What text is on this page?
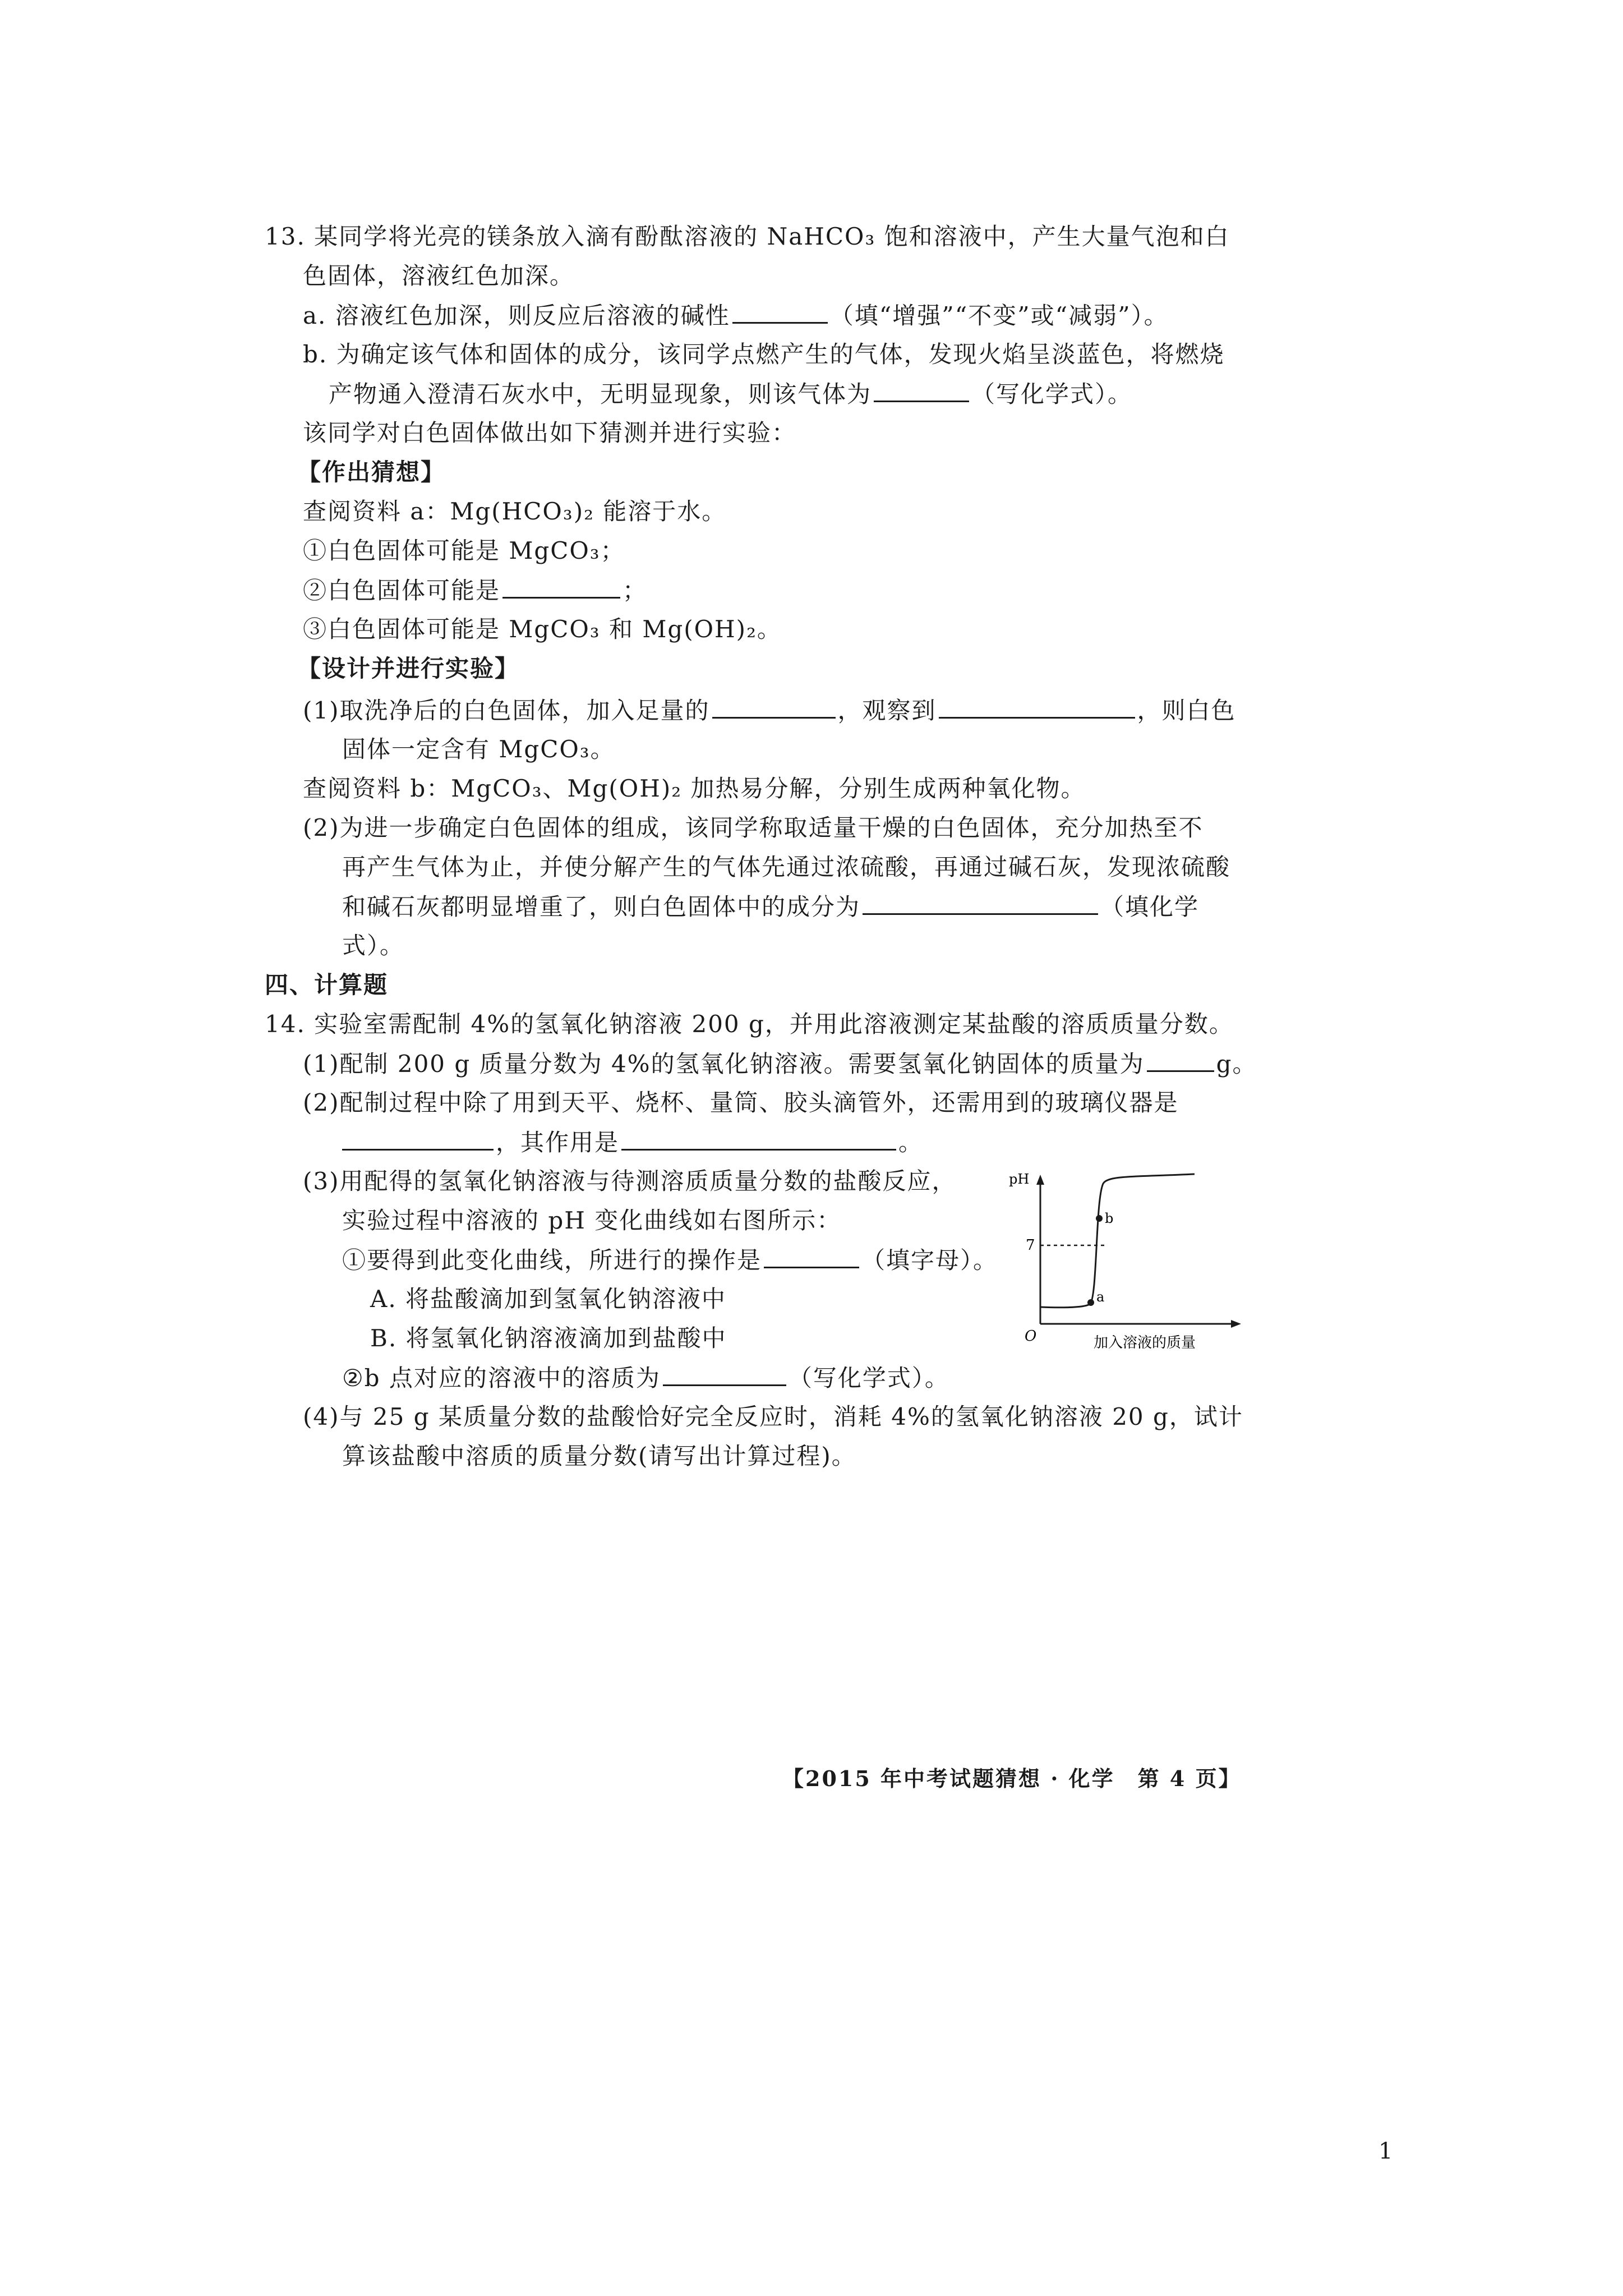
13. 某同学将光亮的镁条放入滴有酚酞溶液的 NaHCO₃ 饱和溶液中，产生大量气泡和白
色固体，溶液红色加深。
a. 溶液红色加深，则反应后溶液的碱性	（填“增强”“不变”或“减弱”）。
b. 为确定该气体和固体的成分，该同学点燃产生的气体，发现火焰呈淡蓝色，将燃烧
产物通入澄清石灰水中，无明显现象，则该气体为	（写化学式）。
该同学对白色固体做出如下猜测并进行实验：
【作出猜想】
查阅资料 a：Mg(HCO₃)₂ 能溶于水。
①白色固体可能是 MgCO₃；
②白色固体可能是	；
③白色固体可能是 MgCO₃ 和 Mg(OH)₂。
【设计并进行实验】
(1)取洗净后的白色固体，加入足量的	，观察到	，则白色
固体一定含有 MgCO₃。
查阅资料 b：MgCO₃、Mg(OH)₂ 加热易分解，分别生成两种氧化物。
(2)为进一步确定白色固体的组成，该同学称取适量干燥的白色固体，充分加热至不
再产生气体为止，并使分解产生的气体先通过浓硫酸，再通过碱石灰，发现浓硫酸
和碱石灰都明显增重了，则白色固体中的成分为	（填化学
式）。
四、计算题
14. 实验室需配制 4%的氢氧化钠溶液 200 g，并用此溶液测定某盐酸的溶质质量分数。
(1)配制 200 g 质量分数为 4%的氢氧化钠溶液。需要氢氧化钠固体的质量为	g。
(2)配制过程中除了用到天平、烧杯、量筒、胶头滴管外，还需用到的玻璃仪器是
，其作用是	。
(3)用配得的氢氧化钠溶液与待测溶质质量分数的盐酸反应，
实验过程中溶液的 pH 变化曲线如右图所示：
①要得到此变化曲线，所进行的操作是	（填字母）。
A. 将盐酸滴加到氢氧化钠溶液中
B. 将氢氧化钠溶液滴加到盐酸中
②b 点对应的溶液中的溶质为	（写化学式）。
(4)与 25 g 某质量分数的盐酸恰好完全反应时，消耗 4%的氢氧化钠溶液 20 g，试计
算该盐酸中溶质的质量分数(请写出计算过程)。
pH
7
O	加入溶液的质量
a
b
【2015 年中考试题猜想 · 化学　第 4 页】
1
